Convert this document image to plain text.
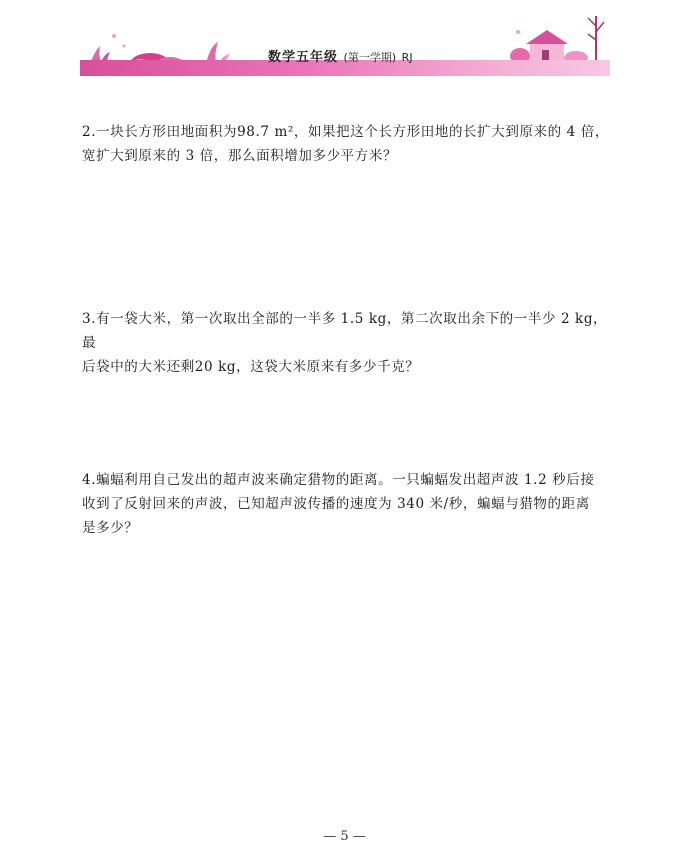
数学五年级 (第一学期) RJ

2.一块长方形田地面积为98.7 m²，如果把这个长方形田地的长扩大到原来的 4 倍，

宽扩大到原来的 3 倍，那么面积增加多少平方米？

3.有一袋大米，第一次取出全部的一半多 1.5 kg，第二次取出余下的一半少 2 kg，最

后袋中的大米还剩20 kg，这袋大米原来有多少千克？

4.蝙蝠利用自己发出的超声波来确定猎物的距离。一只蝙蝠发出超声波 1.2 秒后接

收到了反射回来的声波，已知超声波传播的速度为 340 米/秒，蝙蝠与猎物的距离

是多少？

— 5 —
